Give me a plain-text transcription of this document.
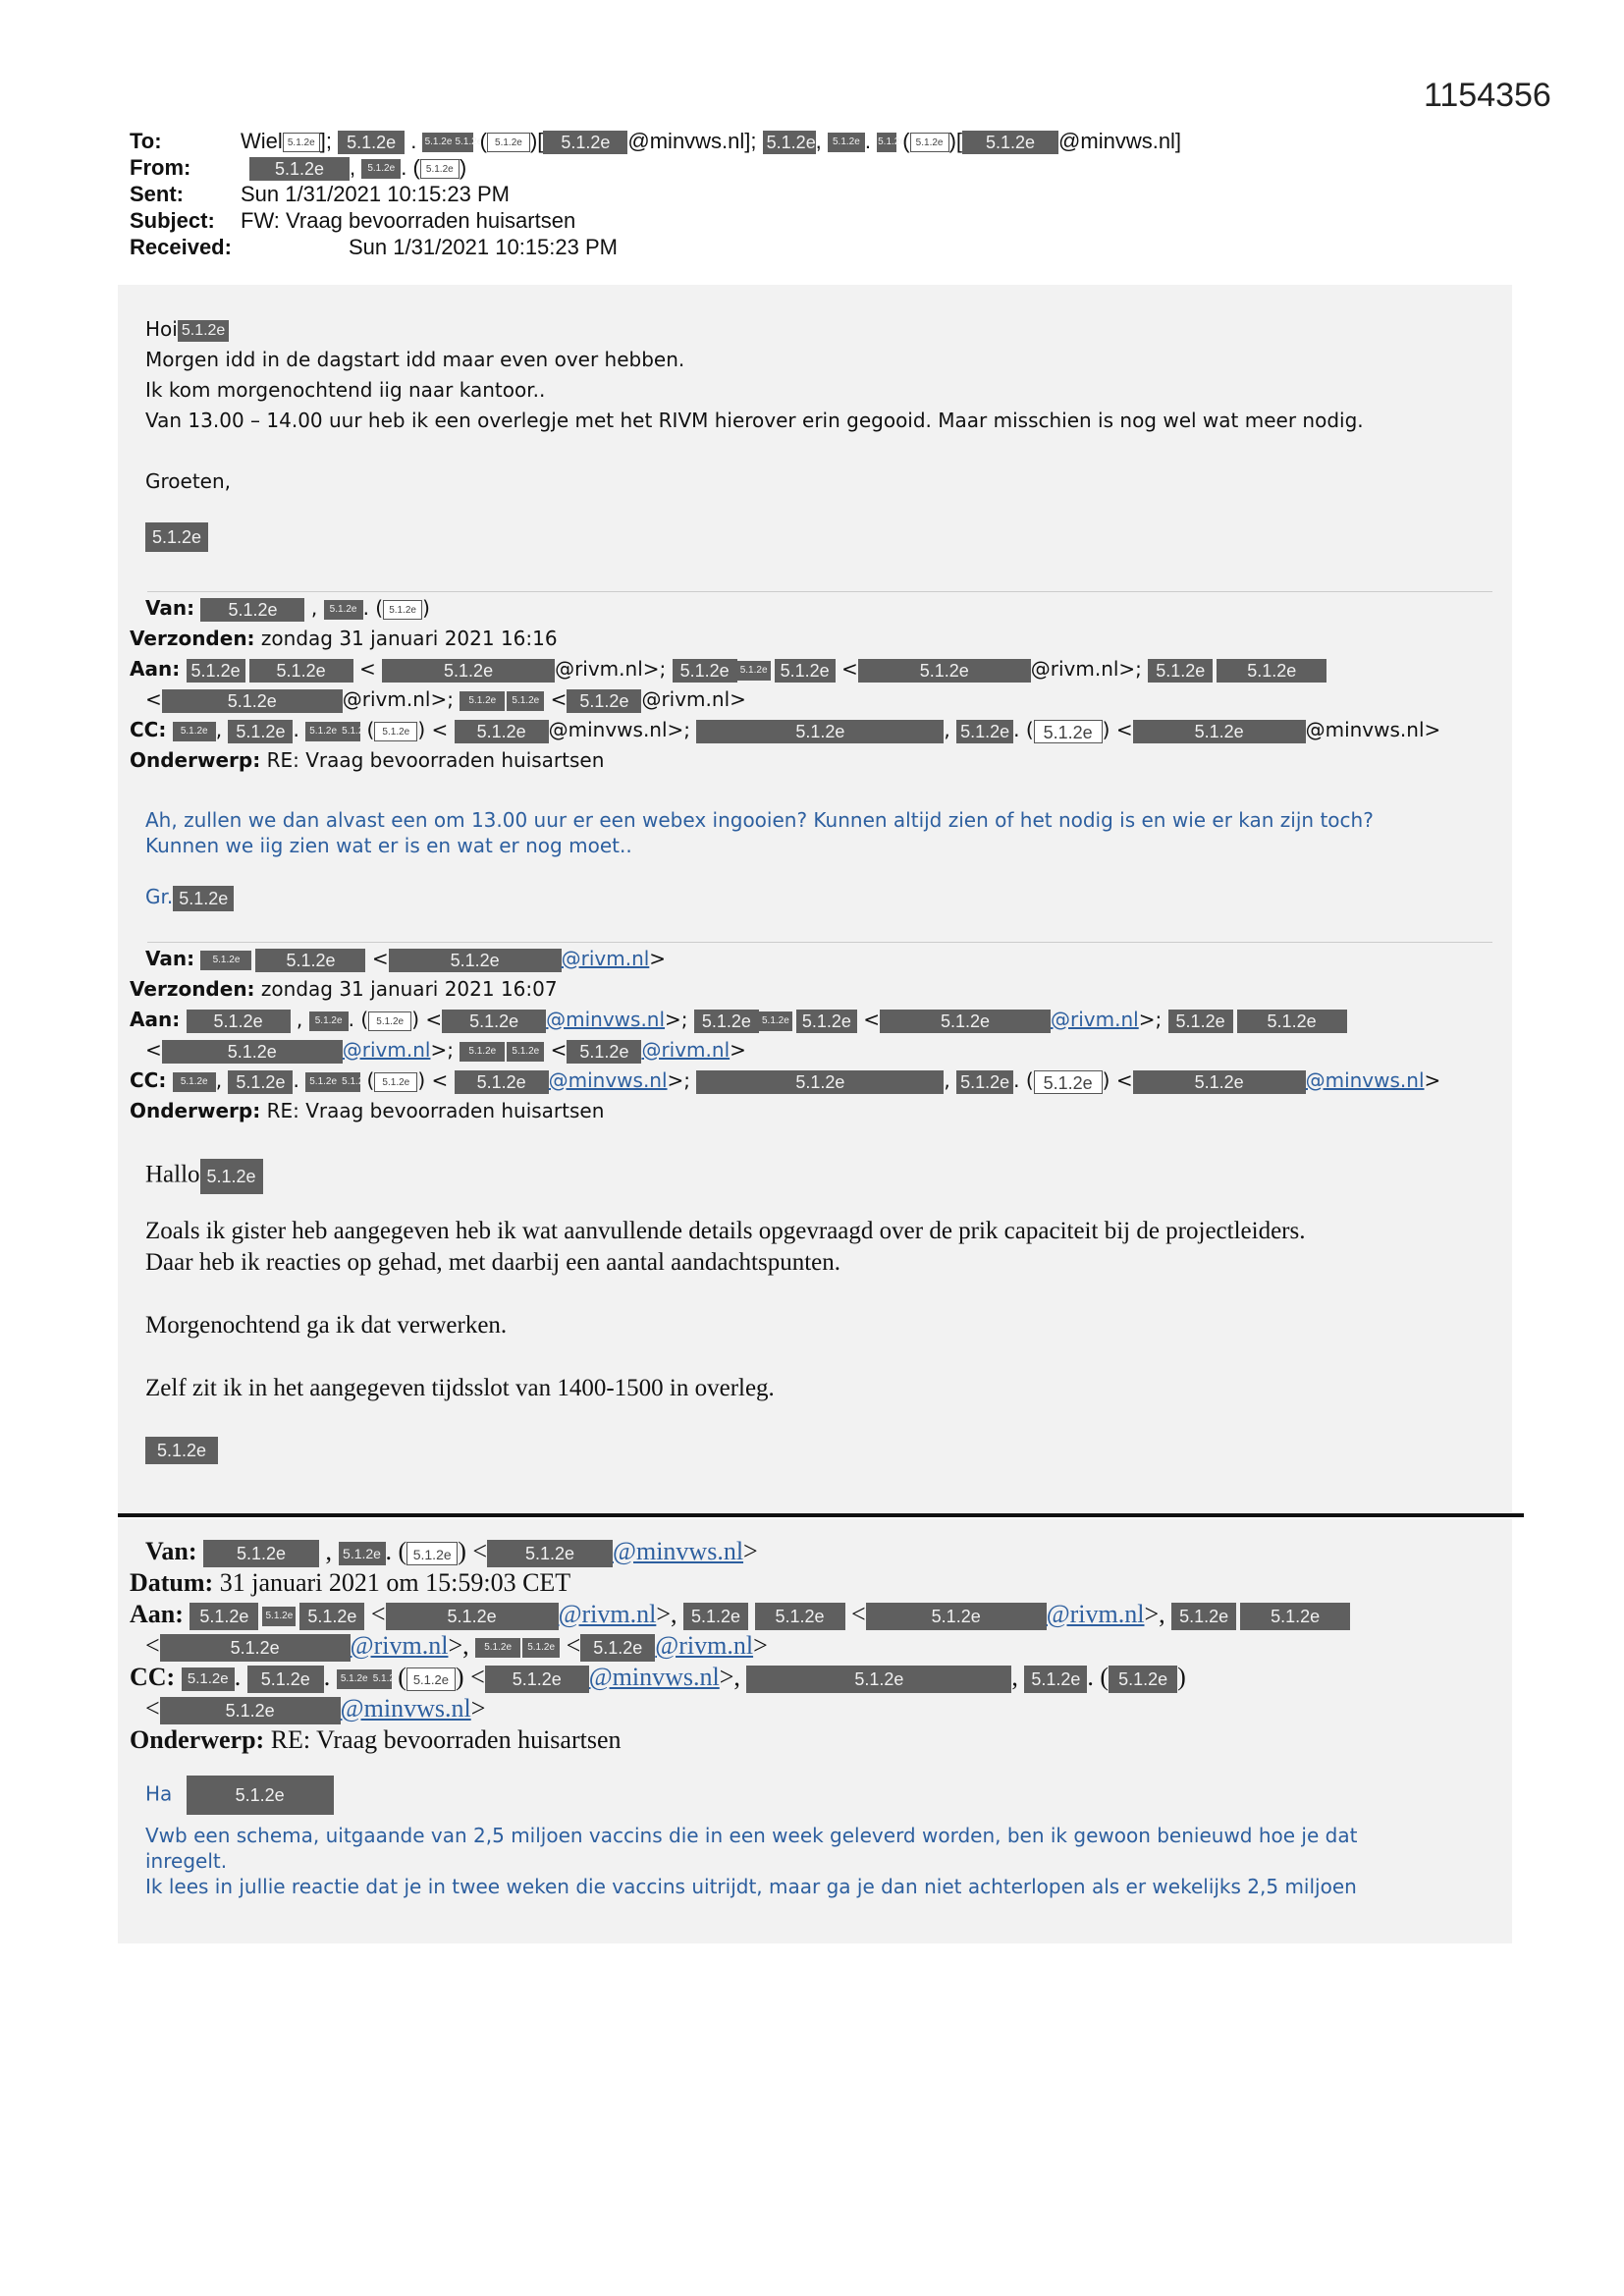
1154356
To:	Wiel 5.1.2e ]; 5.1.2e . 5.1.2e 5.1.2e ( 5.1.2e )[ 5.1.2e @minvws.nl]; 5.1.2e, 5.1.2e . 5.1.2e ( 5.1.2e )[ 5.1.2e @minvws.nl]
From:	5.1.2e , 5.1.2e . ( 5.1.2e )
Sent:	Sun 1/31/2021 10:15:23 PM
Subject:	FW: Vraag bevoorraden huisartsen
Received:	Sun 1/31/2021 10:15:23 PM
Hoi 5.1.2e
Morgen idd in de dagstart idd maar even over hebben.
Ik kom morgenochtend iig naar kantoor..
Van 13.00 – 14.00 uur heb ik een overlegje met het RIVM hierover erin gegooid. Maar misschien is nog wel wat meer nodig.
Groeten,
5.1.2e
Van: 5.1.2e , 5.1.2e . ( 5.1.2e )
Verzonden: zondag 31 januari 2021 16:16
Aan: 5.1.2e 5.1.2e <	5.1.2e	@rivm.nl>; 5.1.2e 5.1.2e 5.1.2e <	5.1.2e	@rivm.nl>; 5.1.2e 5.1.2e
<	5.1.2e	@rivm.nl>; 5.1.2e 5.1.2e < 5.1.2e @rivm.nl>
CC: 5.1.2e , 5.1.2e . 5.1.2e 5.1.2e ( 5.1.2e ) < 5.1.2e @minvws.nl>;	5.1.2e	, 5.1.2e . ( 5.1.2e ) <	5.1.2e	@minvws.nl>
Onderwerp: RE: Vraag bevoorraden huisartsen
Ah, zullen we dan alvast een om 13.00 uur er een webex ingooien? Kunnen altijd zien of het nodig is en wie er kan zijn toch?
Kunnen we iig zien wat er is en wat er nog moet..
Gr. 5.1.2e
Van: 5.1.2e	5.1.2e <	5.1.2e	@rivm.nl>
Verzonden: zondag 31 januari 2021 16:07
Aan: 5.1.2e , 5.1.2e . ( 5.1.2e ) < 5.1.2e @minvws.nl>; 5.1.2e 5.1.2e 5.1.2e <	5.1.2e	@rivm.nl>; 5.1.2e 5.1.2e
<	5.1.2e	@rivm.nl>; 5.1.2e 5.1.2e < 5.1.2e @rivm.nl>
CC: 5.1.2e , 5.1.2e . 5.1.2e 5.1.2e ( 5.1.2e ) < 5.1.2e @minvws.nl>;	5.1.2e	, 5.1.2e . ( 5.1.2e ) <	5.1.2e	@minvws.nl>
Onderwerp: RE: Vraag bevoorraden huisartsen
Hallo 5.1.2e
Zoals ik gister heb aangegeven heb ik wat aanvullende details opgevraagd over de prik capaciteit bij de projectleiders.
Daar heb ik reacties op gehad, met daarbij een aantal aandachtspunten.
Morgenochtend ga ik dat verwerken.
Zelf zit ik in het aangegeven tijdsslot van 1400-1500 in overleg.
5.1.2e
Van: 5.1.2e , 5.1.2e . ( 5.1.2e ) < 5.1.2e @minvws.nl>
Datum: 31 januari 2021 om 15:59:03 CET
Aan: 5.1.2e 5.1.2e 5.1.2e <	5.1.2e @rivm.nl>, 5.1.2e 5.1.2e <	5.1.2e	@rivm.nl>, 5.1.2e 5.1.2e
<	5.1.2e	@rivm.nl>, 5.1.2e 5.1.2e < 5.1.2e @rivm.nl>
CC: 5.1.2e . 5.1.2e . 5.1.2e 5.1.2e ( 5.1.2e ) < 5.1.2e @minvws.nl>,	5.1.2e	, 5.1.2e . ( 5.1.2e )
<	5.1.2e	@minvws.nl>
Onderwerp: RE: Vraag bevoorraden huisartsen
Ha	5.1.2e
Vwb een schema, uitgaande van 2,5 miljoen vaccins die in een week geleverd worden, ben ik gewoon benieuwd hoe je dat
inregelt.
Ik lees in jullie reactie dat je in twee weken die vaccins uitrijdt, maar ga je dan niet achterlopen als er wekelijks 2,5 miljoen
